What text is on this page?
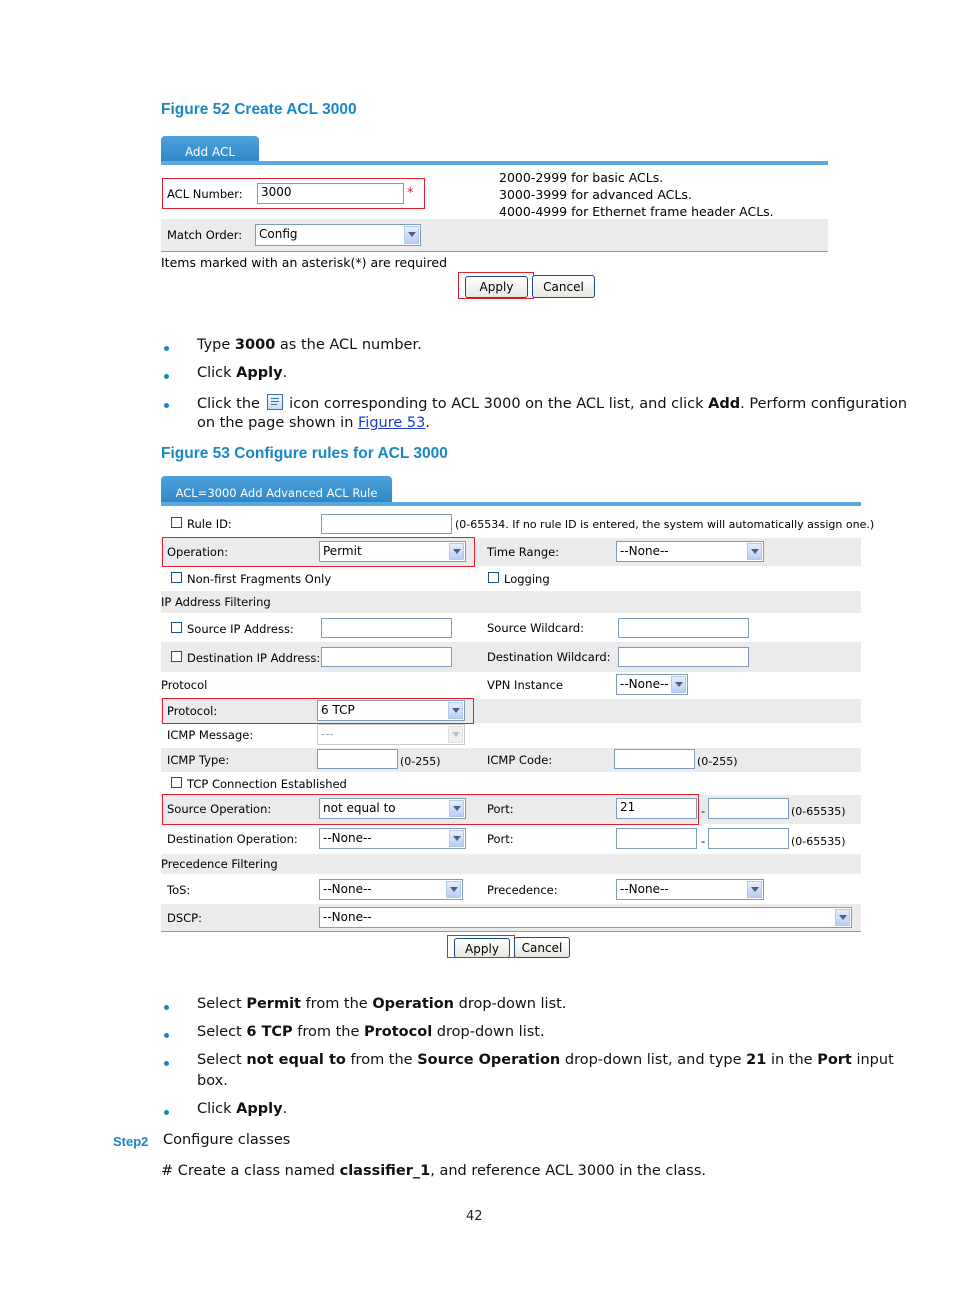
Figure 52 Create ACL 3000
Add ACL
ACL Number:	3000	*
2000-2999 for basic ACLs.
3000-3999 for advanced ACLs.
4000-4999 for Ethernet frame header ACLs.
Match Order:	Config
Items marked with an asterisk(*) are required
Apply	Cancel
Type 3000 as the ACL number.
Click Apply.
Click the
icon corresponding to ACL 3000 on the ACL list, and click Add. Perform configuration
on the page shown in Figure 53.
Figure 53 Configure rules for ACL 3000
ACL=3000 Add Advanced ACL Rule
Rule ID:	(0-65534. If no rule ID is entered, the system will automatically assign one.)
Operation:	Permit	Time Range:	--None--
Non-first Fragments Only	Logging
IP Address Filtering
Source IP Address:	Source Wildcard:
Destination IP Address:	Destination Wildcard:
Protocol	VPN Instance	--None--
Protocol:	6 TCP
ICMP Message:	---
ICMP Type:	(0-255)	ICMP Code:	(0-255)
TCP Connection Established
Source Operation:	not equal to	Port:	21	-	(0-65535)
Destination Operation:	--None--	Port:	-	(0-65535)
Precedence Filtering
ToS:	--None--	Precedence:	--None--
DSCP:	--None--
Apply	Cancel
Select Permit from the Operation drop-down list.
Select 6 TCP from the Protocol drop-down list.
Select not equal to from the Source Operation drop-down list, and type 21 in the Port input
box.
Click Apply.
Step2 Configure classes
# Create a class named classifier_1, and reference ACL 3000 in the class.
42
